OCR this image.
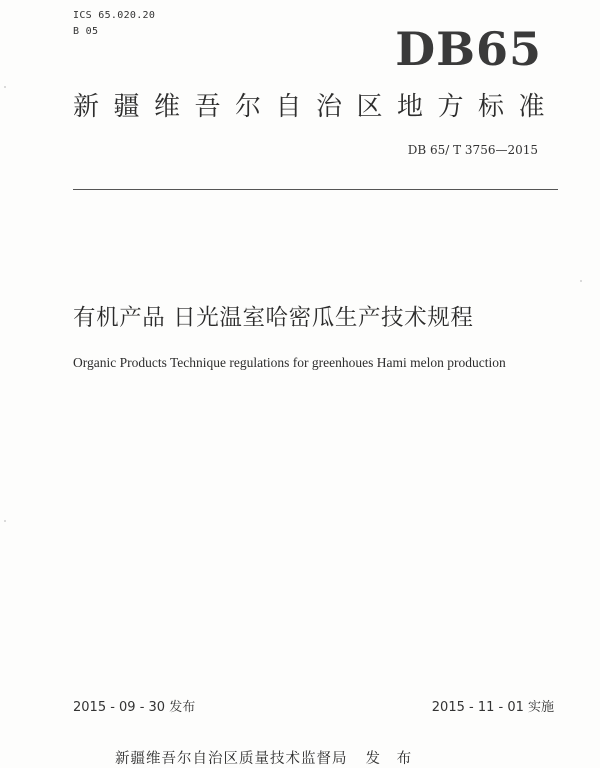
ICS 65.020.20
B 05	DB65
新疆维吾尔自治区地方标准
DB 65/ T 3756—2015
有机产品 日光温室哈密瓜生产技术规程
Organic Products Technique regulations for greenhoues Hami melon production
2015 - 09 - 30 发布	2015 - 11 - 01 实施
新疆维吾尔自治区质量技术监督局 发 布
